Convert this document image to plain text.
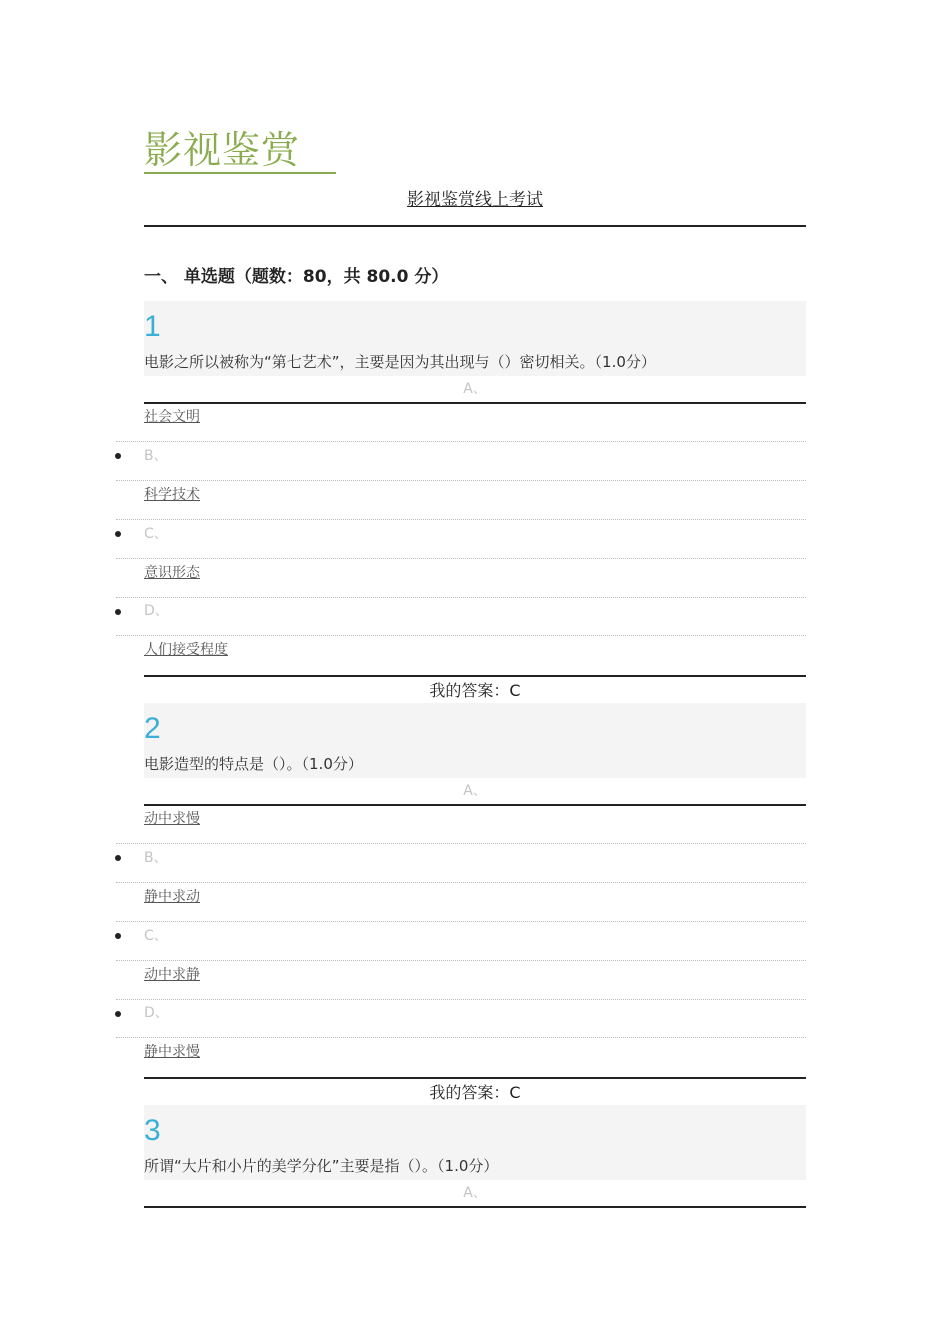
影视鉴赏
影视鉴赏线上考试
一、 单选题（题数：80，共 80.0 分）
1
电影之所以被称为“第七艺术”，主要是因为其出现与（）密切相关。（1.0分）
A、
社会文明
B、
科学技术
C、
意识形态
D、
人们接受程度
我的答案：C
2
电影造型的特点是（）。（1.0分）
A、
动中求慢
B、
静中求动
C、
动中求静
D、
静中求慢
我的答案：C
3
所谓“大片和小片的美学分化”主要是指（）。（1.0分）
A、
